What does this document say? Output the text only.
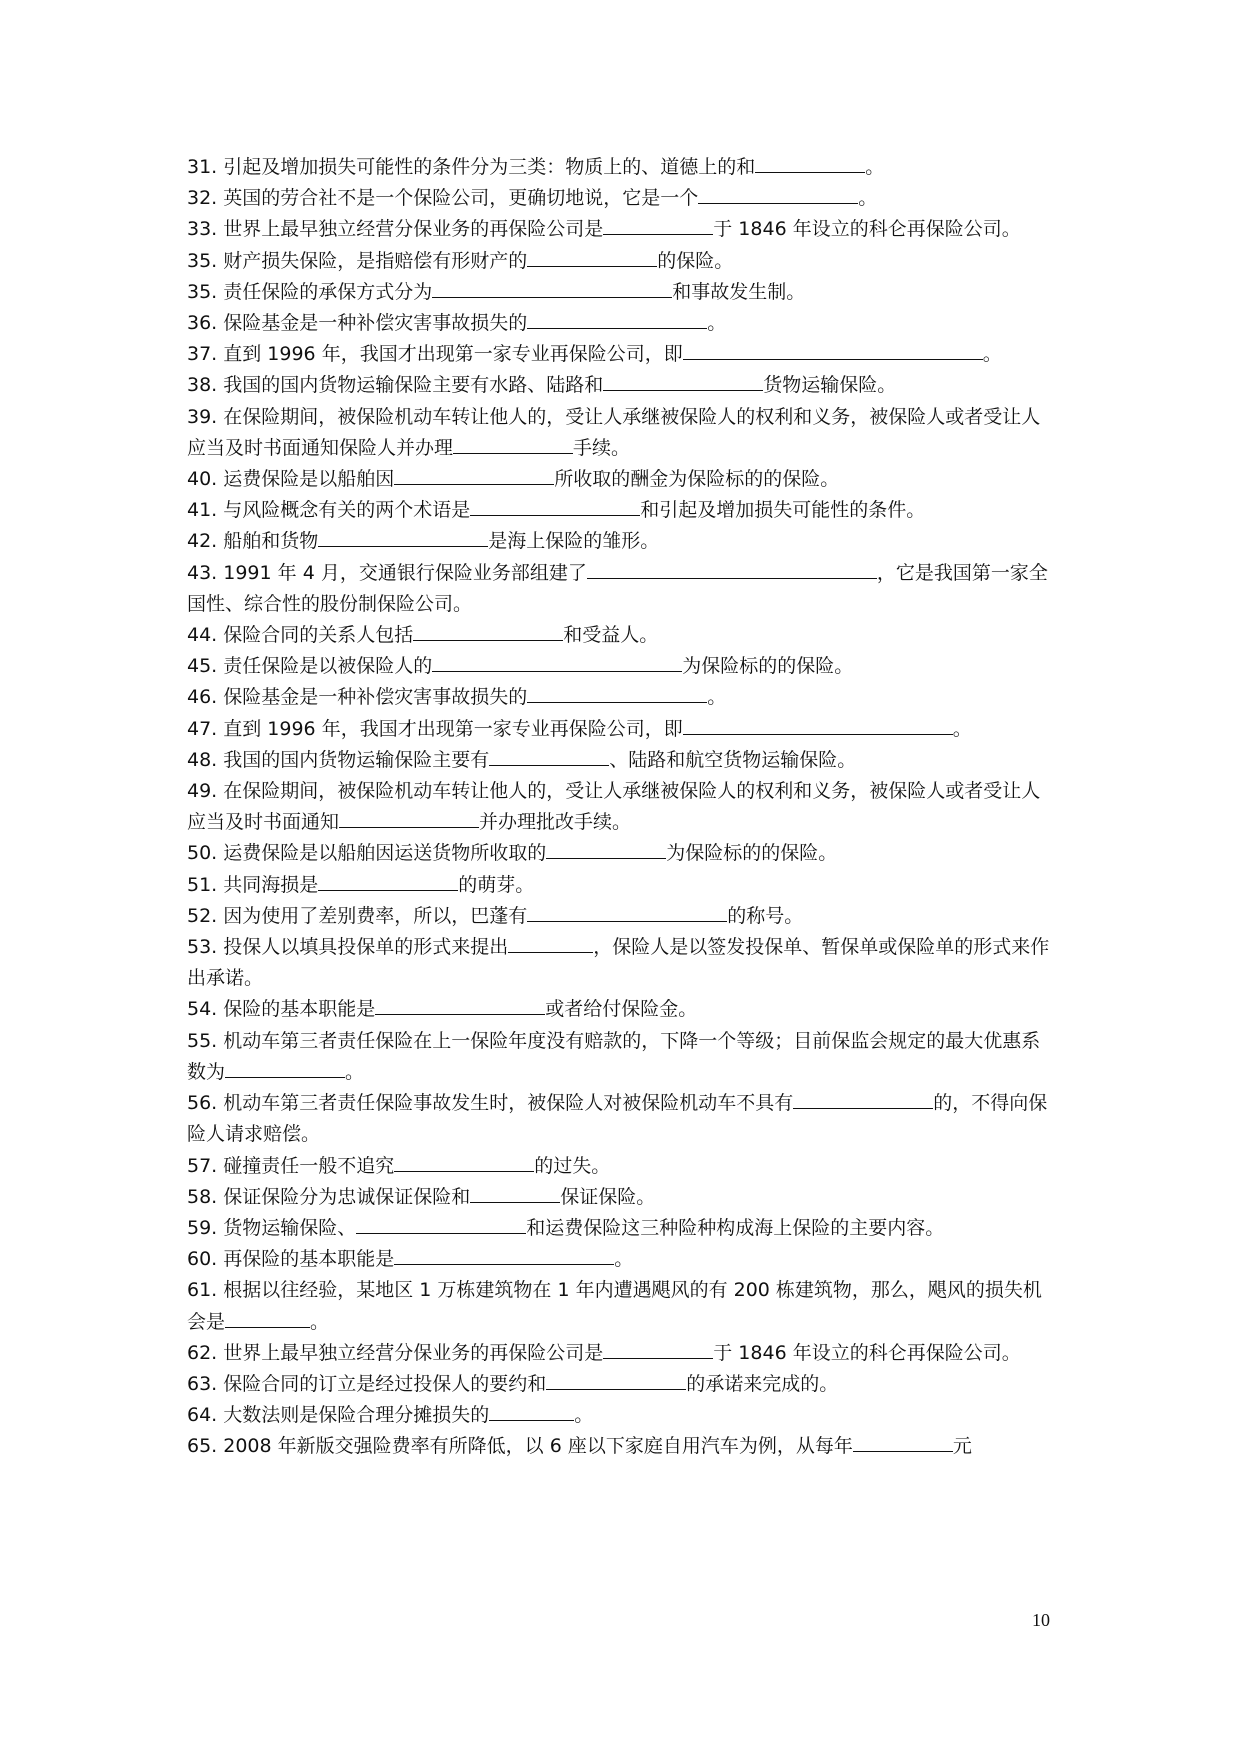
31. 引起及增加损失可能性的条件分为三类：物质上的、道德上的和	。

32. 英国的劳合社不是一个保险公司，更确切地说，它是一个	。

33. 世界上最早独立经营分保业务的再保险公司是	于 1846 年设立的科仑再保险公司。

35. 财产损失保险，是指赔偿有形财产的	的保险。

35. 责任保险的承保方式分为	和事故发生制。

36. 保险基金是一种补偿灾害事故损失的	。

37. 直到 1996 年，我国才出现第一家专业再保险公司，即	。

38. 我国的国内货物运输保险主要有水路、陆路和	货物运输保险。

39. 在保险期间，被保险机动车转让他人的，受让人承继被保险人的权利和义务，被保险人或者受让人应当及时书面通知保险人并办理	手续。

40. 运费保险是以船舶因	所收取的酬金为保险标的的保险。

41. 与风险概念有关的两个术语是	和引起及增加损失可能性的条件。

42. 船舶和货物	是海上保险的雏形。

43. 1991 年 4 月，交通银行保险业务部组建了	，它是我国第一家全国性、综合性的股份制保险公司。

44. 保险合同的关系人包括	和受益人。

45. 责任保险是以被保险人的	为保险标的的保险。

46. 保险基金是一种补偿灾害事故损失的	。

47. 直到 1996 年，我国才出现第一家专业再保险公司，即	。

48. 我国的国内货物运输保险主要有	、陆路和航空货物运输保险。

49. 在保险期间，被保险机动车转让他人的，受让人承继被保险人的权利和义务，被保险人或者受让人应当及时书面通知	并办理批改手续。

50. 运费保险是以船舶因运送货物所收取的	为保险标的的保险。

51. 共同海损是	的萌芽。

52. 因为使用了差别费率，所以，巴蓬有	的称号。

53. 投保人以填具投保单的形式来提出	，保险人是以签发投保单、暂保单或保险单的形式来作出承诺。

54. 保险的基本职能是	或者给付保险金。

55. 机动车第三者责任保险在上一保险年度没有赔款的，下降一个等级；目前保监会规定的最大优惠系数为	。

56. 机动车第三者责任保险事故发生时，被保险人对被保险机动车不具有	的，不得向保险人请求赔偿。

57. 碰撞责任一般不追究	的过失。

58. 保证保险分为忠诚保证保险和	保证保险。

59. 货物运输保险、	和运费保险这三种险种构成海上保险的主要内容。

60. 再保险的基本职能是	。

61. 根据以往经验，某地区 1 万栋建筑物在 1 年内遭遇飓风的有 200 栋建筑物，那么，飓风的损失机会是	。

62. 世界上最早独立经营分保业务的再保险公司是	于 1846 年设立的科仑再保险公司。

63. 保险合同的订立是经过投保人的要约和	的承诺来完成的。

64. 大数法则是保险合理分摊损失的	。

65. 2008 年新版交强险费率有所降低，以 6 座以下家庭自用汽车为例，从每年	元

10
